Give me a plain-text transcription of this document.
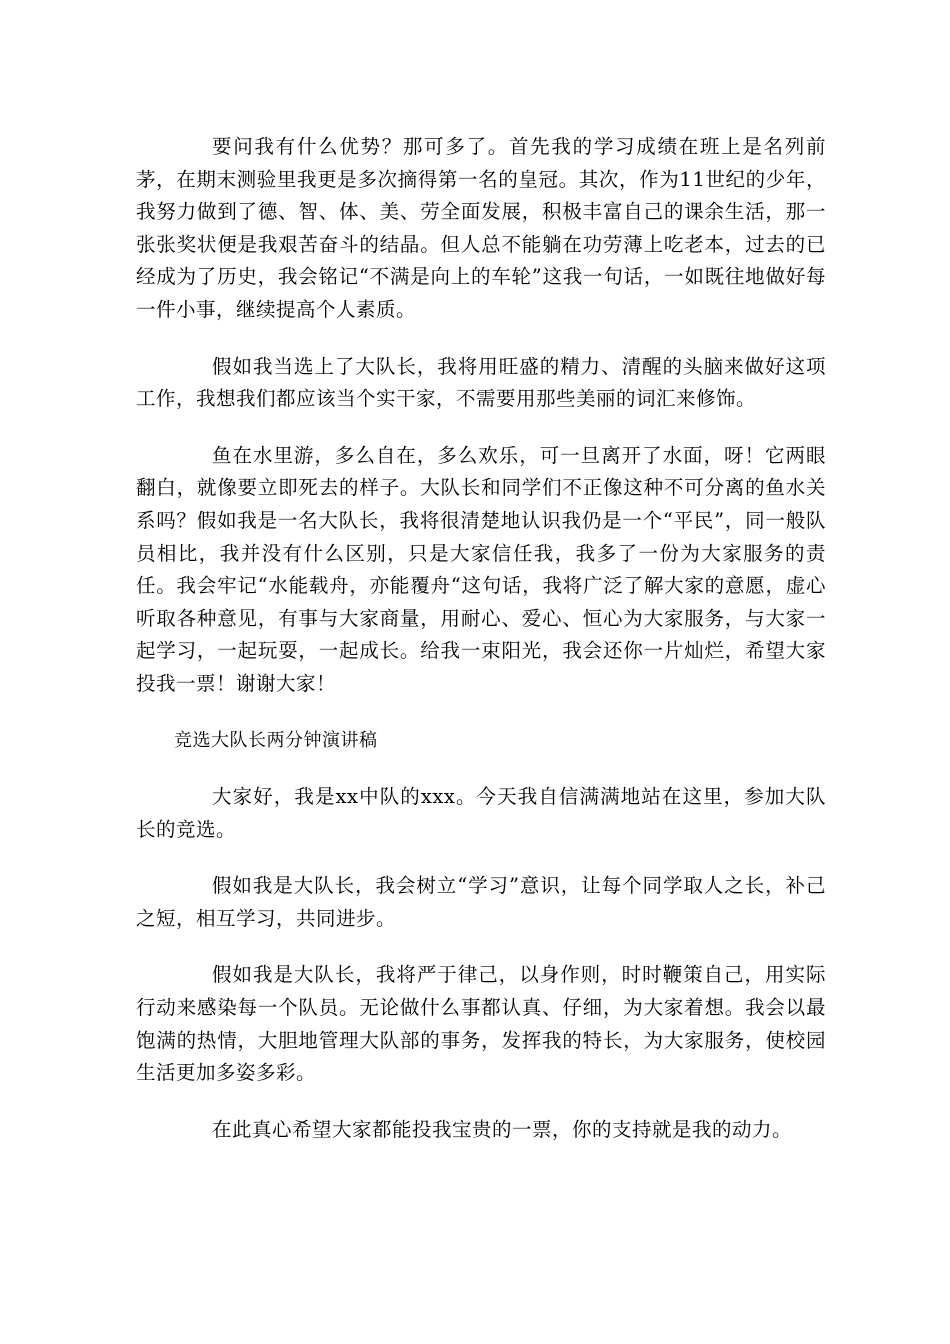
要问我有什么优势？那可多了。首先我的学习成绩在班上是名列前茅，在期末测验里我更是多次摘得第一名的皇冠。其次，作为11世纪的少年，我努力做到了德、智、体、美、劳全面发展，积极丰富自己的课余生活，那一张张奖状便是我艰苦奋斗的结晶。但人总不能躺在功劳薄上吃老本，过去的已经成为了历史，我会铭记“不满是向上的车轮”这我一句话，一如既往地做好每一件小事，继续提高个人素质。

假如我当选上了大队长，我将用旺盛的精力、清醒的头脑来做好这项工作，我想我们都应该当个实干家，不需要用那些美丽的词汇来修饰。

鱼在水里游，多么自在，多么欢乐，可一旦离开了水面，呀！它两眼翻白，就像要立即死去的样子。大队长和同学们不正像这种不可分离的鱼水关系吗？假如我是一名大队长，我将很清楚地认识我仍是一个“平民”，同一般队员相比，我并没有什么区别，只是大家信任我，我多了一份为大家服务的责任。我会牢记“水能载舟，亦能覆舟“这句话，我将广泛了解大家的意愿，虚心听取各种意见，有事与大家商量，用耐心、爱心、恒心为大家服务，与大家一起学习，一起玩耍，一起成长。给我一束阳光，我会还你一片灿烂，希望大家投我一票！谢谢大家！

竞选大队长两分钟演讲稿

大家好，我是xx中队的xxx。今天我自信满满地站在这里，参加大队长的竞选。

假如我是大队长，我会树立“学习”意识，让每个同学取人之长，补己之短，相互学习，共同进步。

假如我是大队长，我将严于律己，以身作则，时时鞭策自己，用实际行动来感染每一个队员。无论做什么事都认真、仔细，为大家着想。我会以最饱满的热情，大胆地管理大队部的事务，发挥我的特长，为大家服务，使校园生活更加多姿多彩。

在此真心希望大家都能投我宝贵的一票，你的支持就是我的动力。
